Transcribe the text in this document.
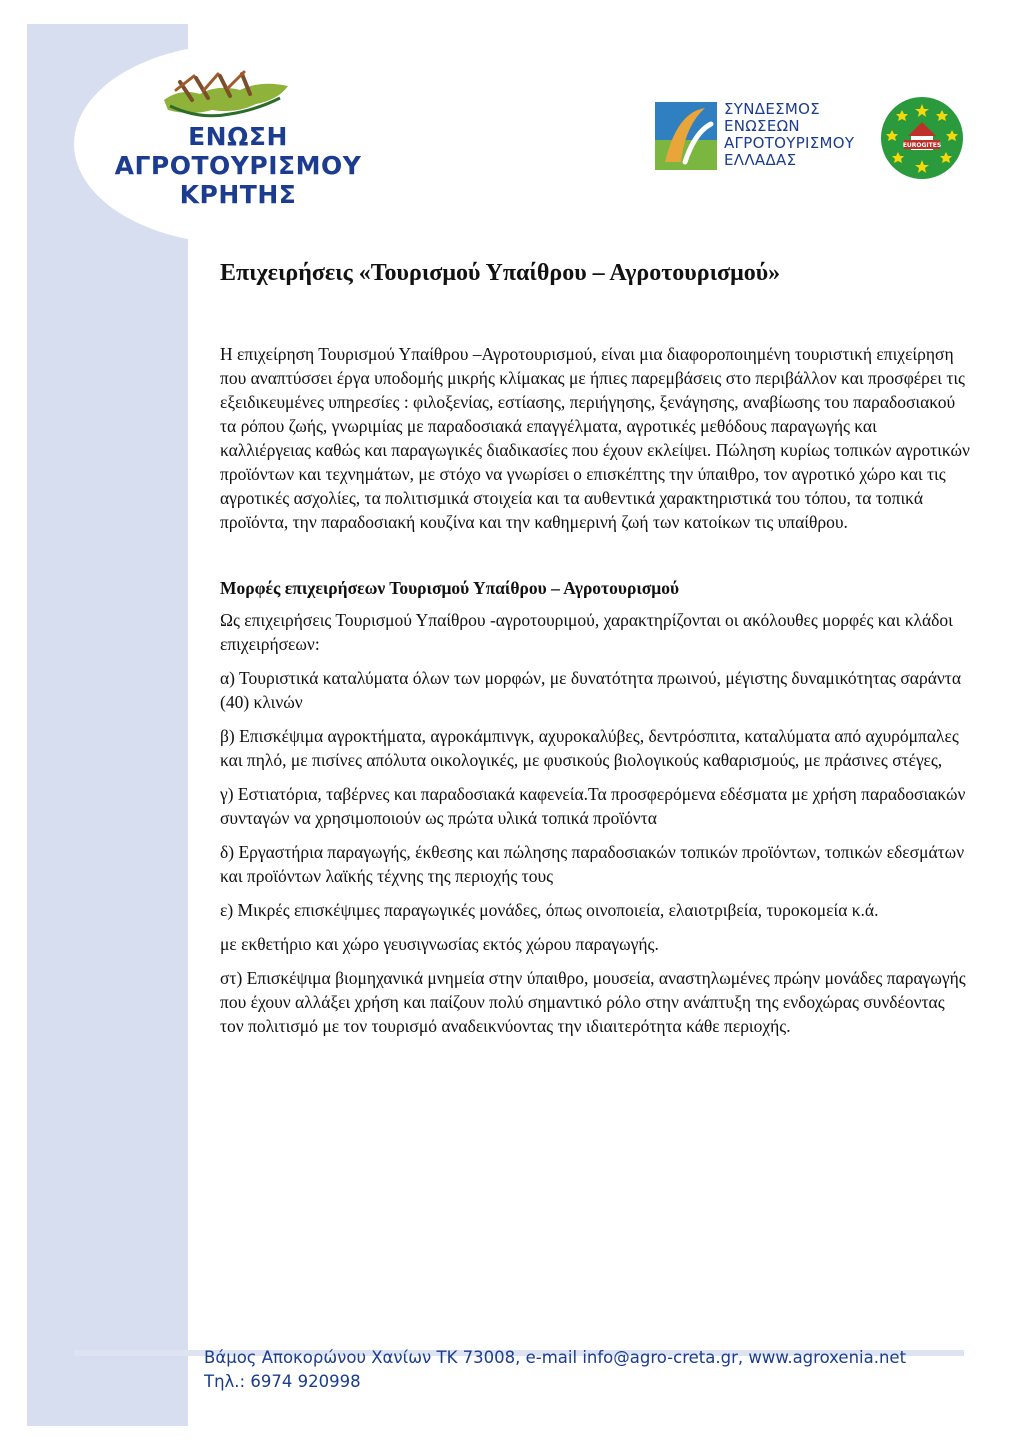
ΕΝΩΣΗ
ΑΓΡΟΤΟΥΡΙΣΜΟΥ
ΚΡΗΤΗΣ
ΣΥΝΔΕΣΜΟΣ
ΕΝΩΣΕΩΝ
ΑΓΡΟΤΟΥΡΙΣΜΟΥ
ΕΛΛΑΔΑΣ
EUROGITES
Επιχειρήσεις «Τουρισμού Υπαίθρου – Αγροτουρισμού»

Η επιχείρηση Τουρισμού Υπαίθρου –Αγροτουρισμού, είναι μια διαφοροποιημένη τουριστική επιχείρηση που αναπτύσσει έργα υποδομής μικρής κλίμακας με ήπιες παρεμβάσεις στο περιβάλλον και προσφέρει τις εξειδικευμένες υπηρεσίες : φιλοξενίας, εστίασης, περιήγησης, ξενάγησης, αναβίωσης του παραδοσιακού τα ρόπου ζωής, γνωριμίας με παραδοσιακά επαγγέλματα, αγροτικές μεθόδους παραγωγής και καλλιέργειας καθώς και παραγωγικές διαδικασίες που έχουν εκλείψει. Πώληση κυρίως τοπικών αγροτικών προϊόντων και τεχνημάτων, με στόχο να γνωρίσει ο επισκέπτης την ύπαιθρο, τον αγροτικό χώρο και τις αγροτικές ασχολίες, τα πολιτισμικά στοιχεία και τα αυθεντικά χαρακτηριστικά του τόπου, τα τοπικά προϊόντα, την παραδοσιακή κουζίνα και την καθημερινή ζωή των κατοίκων τις υπαίθρου.

Μορφές επιχειρήσεων Τουρισμού Υπαίθρου – Αγροτουρισμού

Ως επιχειρήσεις Τουρισμού Υπαίθρου -αγροτουριμού, χαρακτηρίζονται οι ακόλουθες μορφές και κλάδοι επιχειρήσεων:

α) Τουριστικά καταλύματα όλων των μορφών, με δυνατότητα πρωινού, μέγιστης δυναμικότητας σαράντα (40) κλινών

β) Επισκέψιμα αγροκτήματα, αγροκάμπινγκ, αχυροκαλύβες, δεντρόσπιτα, καταλύματα από αχυρόμπαλες και πηλό, με πισίνες απόλυτα οικολογικές, με φυσικούς βιολογικούς καθαρισμούς, με πράσινες στέγες,

γ) Εστιατόρια, ταβέρνες και παραδοσιακά καφενεία.Τα προσφερόμενα εδέσματα με χρήση παραδοσιακών συνταγών να χρησιμοποιούν ως πρώτα υλικά τοπικά προϊόντα

δ) Εργαστήρια παραγωγής, έκθεσης και πώλησης παραδοσιακών τοπικών προϊόντων, τοπικών εδεσμάτων και προϊόντων λαϊκής τέχνης της περιοχής τους

ε) Μικρές επισκέψιμες παραγωγικές μονάδες, όπως οινοποιεία, ελαιοτριβεία, τυροκομεία κ.ά.

με εκθετήριο και χώρο γευσιγνωσίας εκτός χώρου παραγωγής.

στ) Επισκέψιμα βιομηχανικά μνημεία στην ύπαιθρο, μουσεία, αναστηλωμένες πρώην μονάδες παραγωγής που έχουν αλλάξει χρήση και παίζουν πολύ σημαντικό ρόλο στην ανάπτυξη της ενδοχώρας συνδέοντας τον πολιτισμό με τον τουρισμό αναδεικνύοντας την ιδιαιτερότητα κάθε περιοχής.

Βάμος Αποκορώνου Χανίων ΤΚ 73008, e-mail info@agro-creta.gr, www.agroxenia.net
Τηλ.: 6974 920998
